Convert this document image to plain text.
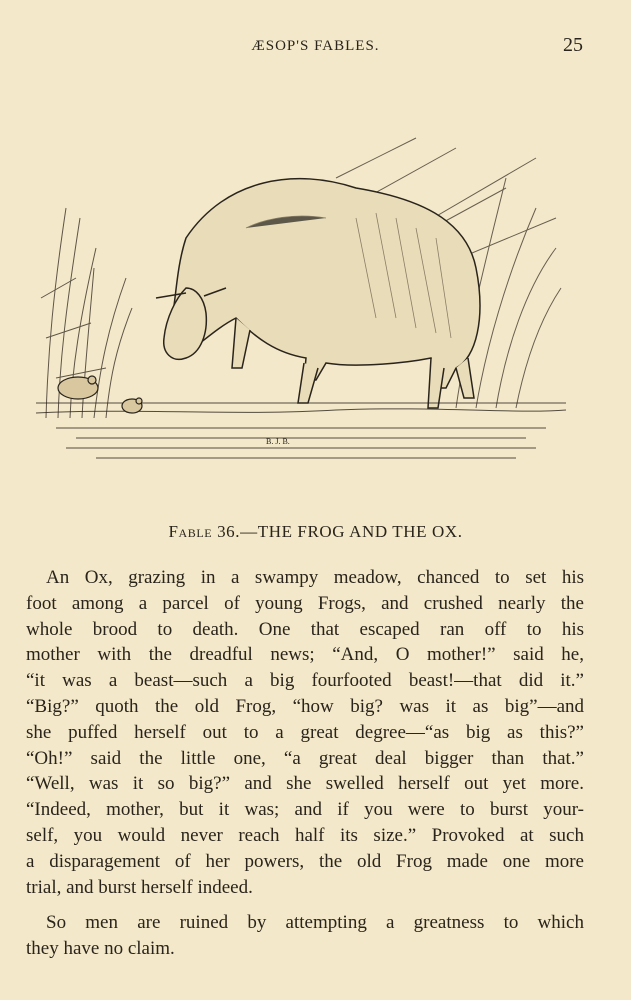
ÆSOP'S FABLES.	25
B. J. B.
Fable 36.—THE FROG AND THE OX.
An Ox, grazing in a swampy meadow, chanced to set his
foot among a parcel of young Frogs, and crushed nearly the
whole brood to death. One that escaped ran off to his
mother with the dreadful news; “And, O mother!” said he,
“it was a beast—such a big fourfooted beast!—that did it.”
“Big?” quoth the old Frog, “how big? was it as big”—and
she puffed herself out to a great degree—“as big as this?”
“Oh!” said the little one, “a great deal bigger than that.”
“Well, was it so big?” and she swelled herself out yet more.
“Indeed, mother, but it was; and if you were to burst your-
self, you would never reach half its size.” Provoked at such
a disparagement of her powers, the old Frog made one more
trial, and burst herself indeed.
So men are ruined by attempting a greatness to which
they have no claim.
